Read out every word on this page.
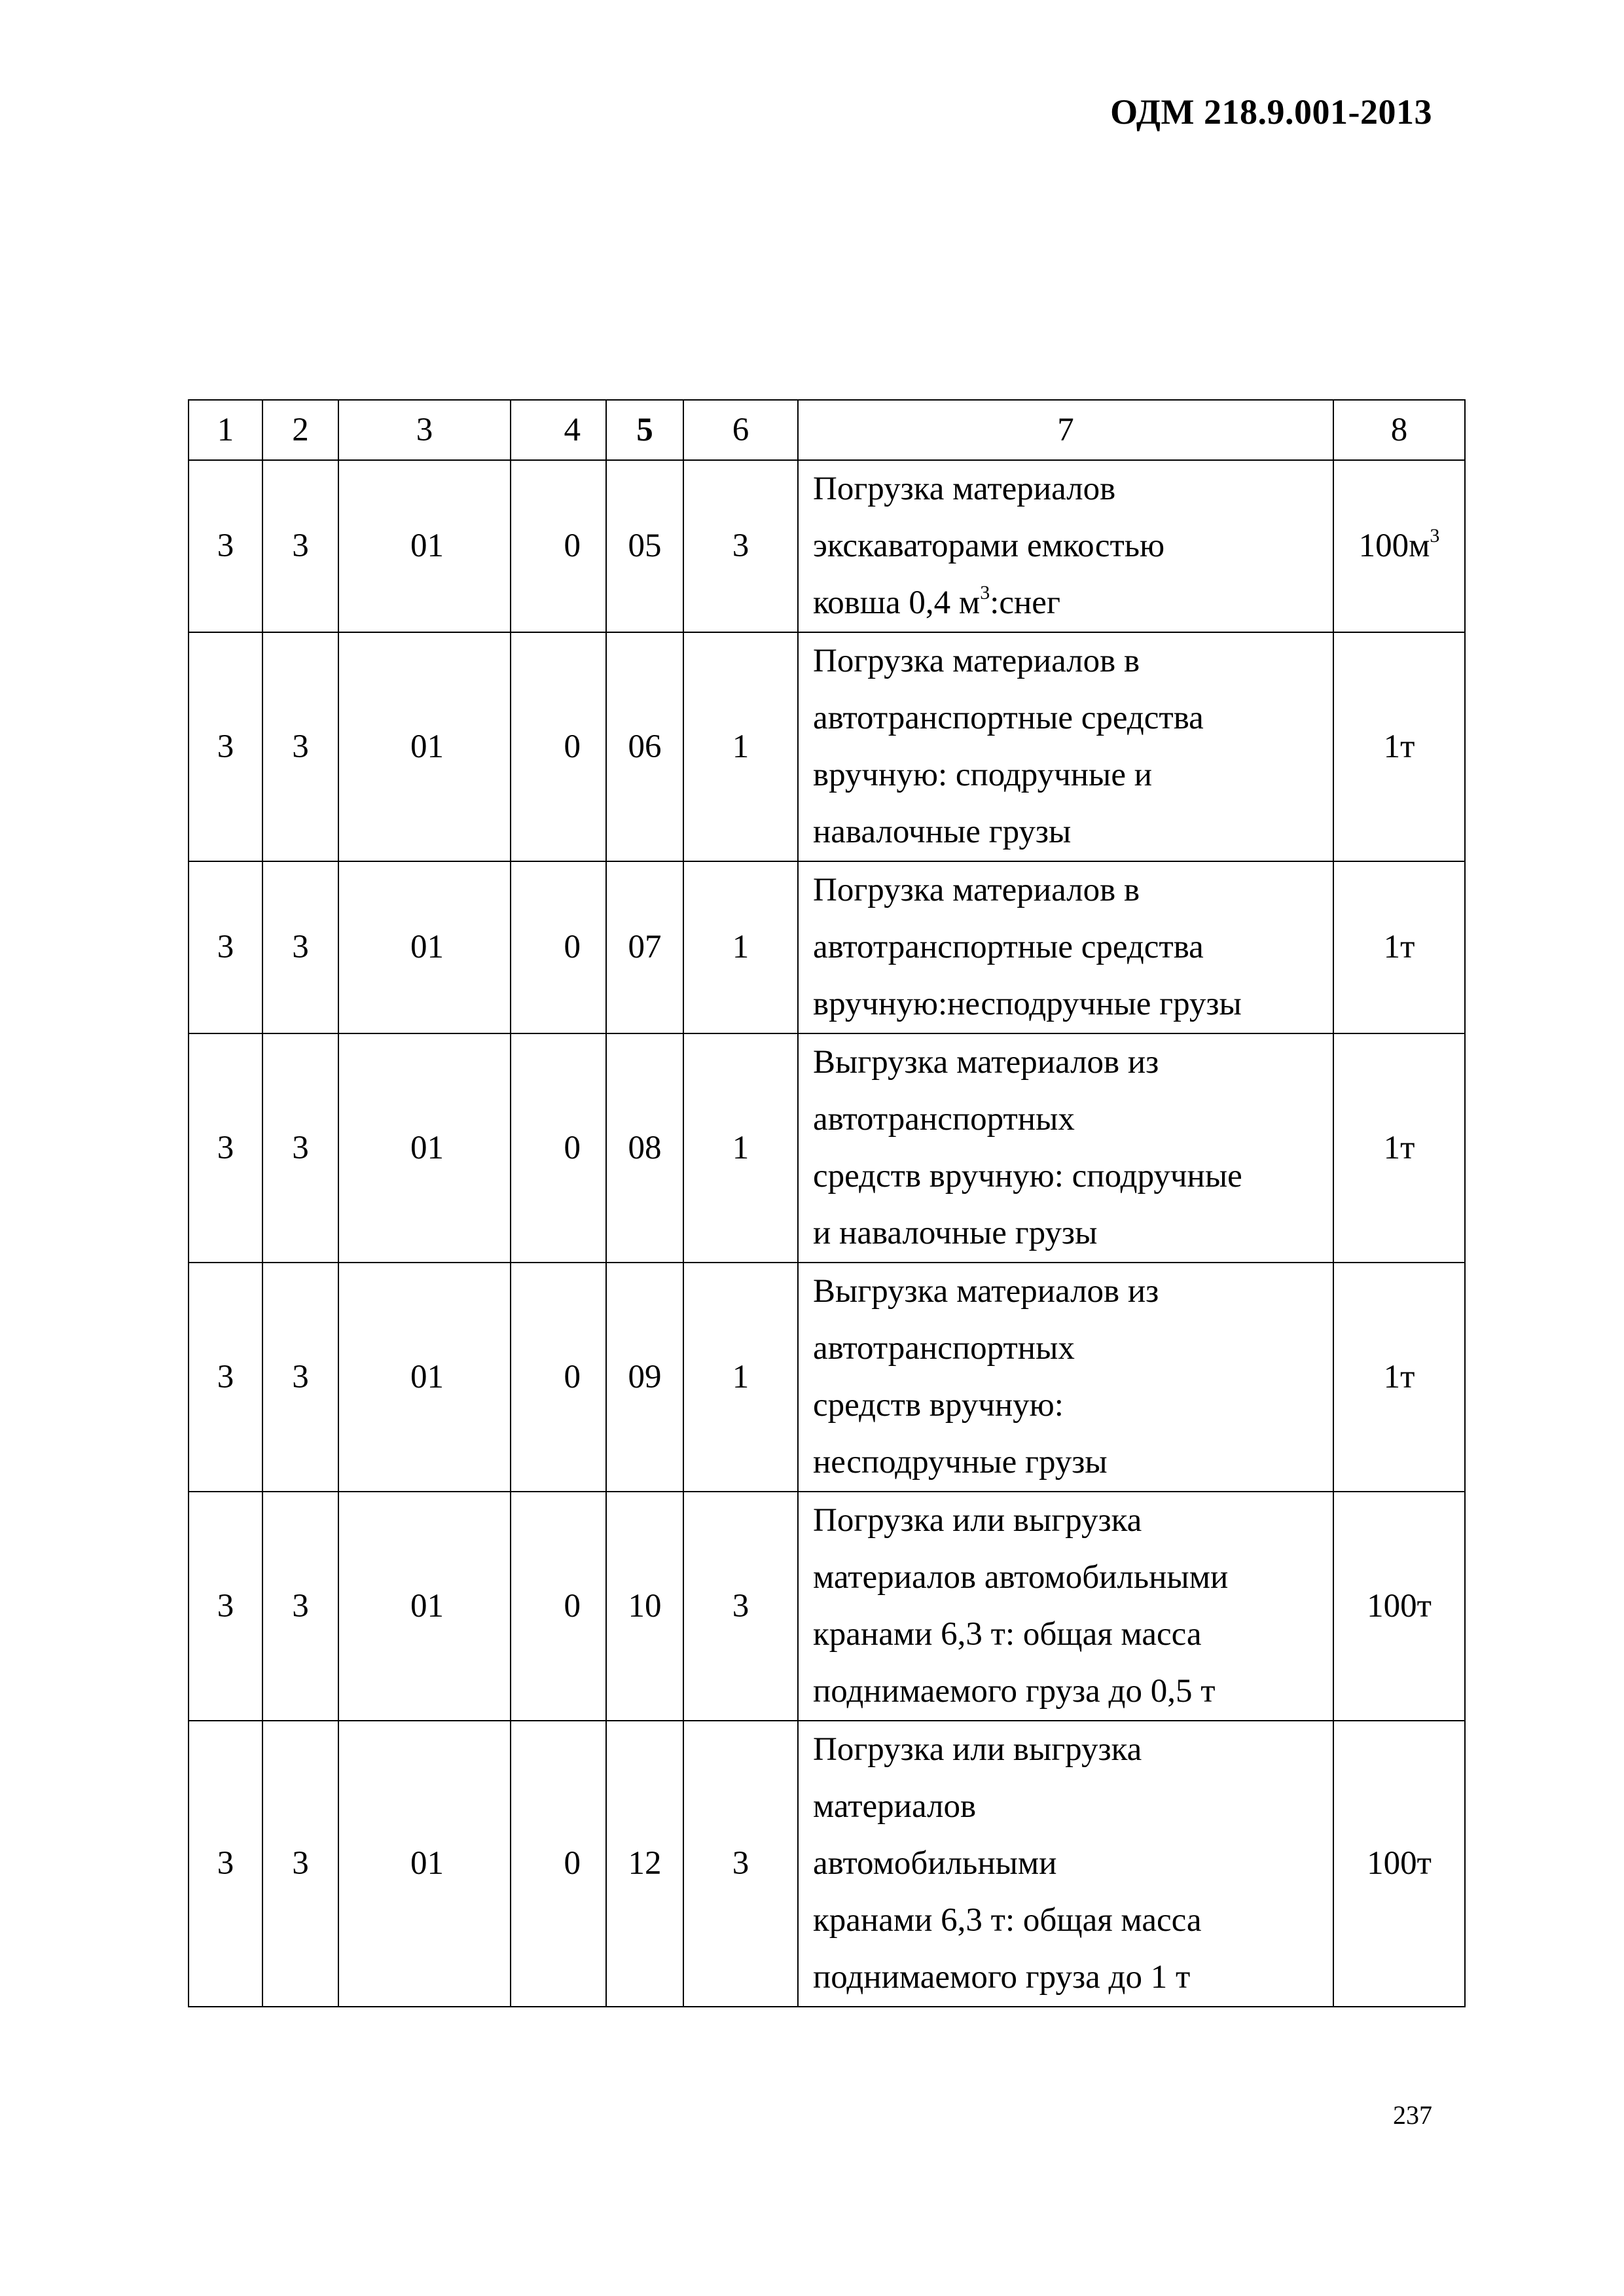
ОДМ 218.9.001-2013
1	2	3	4	5	6	7	8
3	3	01	0	05	3	Погрузка материалов
экскаваторами емкостью
ковша 0,4 $м^3:снег$	$100м^3$
3	3	01	0	06	1	Погрузка материалов в
автотранспортные средства
вручную: сподручные и
навалочные грузы	1т
3	3	01	0	07	1	Погрузка материалов в
автотранспортные средства
вручную:несподручные грузы	1т
3	3	01	0	08	1	Выгрузка материалов из
автотранспортных
средств вручную: сподручные
и навалочные грузы	1т
3	3	01	0	09	1	Выгрузка материалов из
автотранспортных
средств вручную:
несподручные грузы	1т
3	3	01	0	10	3	Погрузка или выгрузка
материалов автомобильными
кранами 6,3 т: общая масса
поднимаемого груза до 0,5 т	100т
3	3	01	0	12	3	Погрузка или выгрузка
материалов
автомобильными
кранами 6,3 т: общая масса
поднимаемого груза до 1 т	100т
237
